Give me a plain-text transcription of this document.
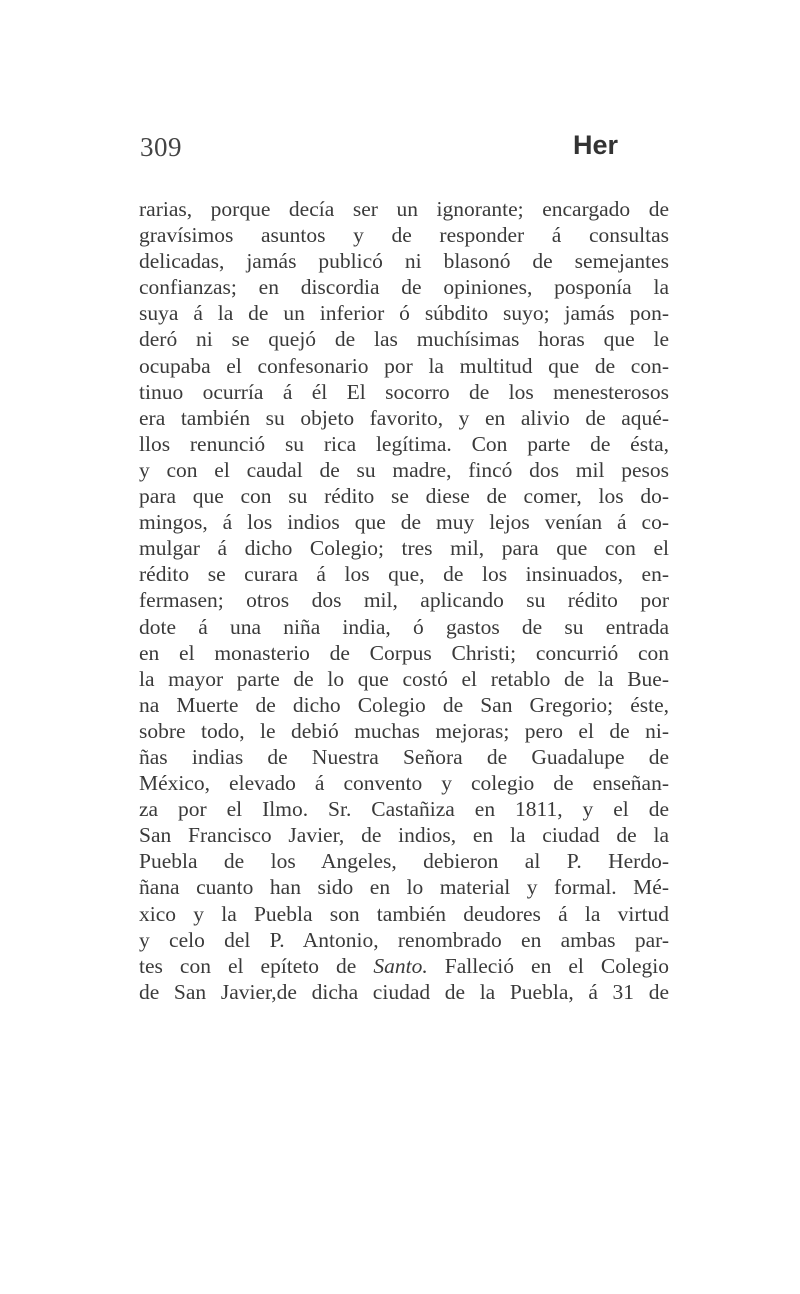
309	Her
rarias, porque decía ser un ignorante; encargado de
gravísimos asuntos y de responder á consultas
delicadas, jamás publicó ni blasonó de semejantes
confianzas; en discordia de opiniones, posponía la
suya á la de un inferior ó súbdito suyo; jamás pon-
deró ni se quejó de las muchísimas horas que le
ocupaba el confesonario por la multitud que de con-
tinuo ocurría á él El socorro de los menesterosos
era también su objeto favorito, y en alivio de aqué-
llos renunció su rica legítima. Con parte de ésta,
y con el caudal de su madre, fincó dos mil pesos
para que con su rédito se diese de comer, los do-
mingos, á los indios que de muy lejos venían á co-
mulgar á dicho Colegio; tres mil, para que con el
rédito se curara á los que, de los insinuados, en-
fermasen; otros dos mil, aplicando su rédito por
dote á una niña india, ó gastos de su entrada
en el monasterio de Corpus Christi; concurrió con
la mayor parte de lo que costó el retablo de la Bue-
na Muerte de dicho Colegio de San Gregorio; éste,
sobre todo, le debió muchas mejoras; pero el de ni-
ñas indias de Nuestra Señora de Guadalupe de
México, elevado á convento y colegio de enseñan-
za por el Ilmo. Sr. Castañiza en 1811, y el de
San Francisco Javier, de indios, en la ciudad de la
Puebla de los Angeles, debieron al P. Herdo-
ñana cuanto han sido en lo material y formal. Mé-
xico y la Puebla son también deudores á la virtud
y celo del P. Antonio, renombrado en ambas par-
tes con el epíteto de Santo. Falleció en el Colegio
de San Javier,de dicha ciudad de la Puebla, á 31 de
